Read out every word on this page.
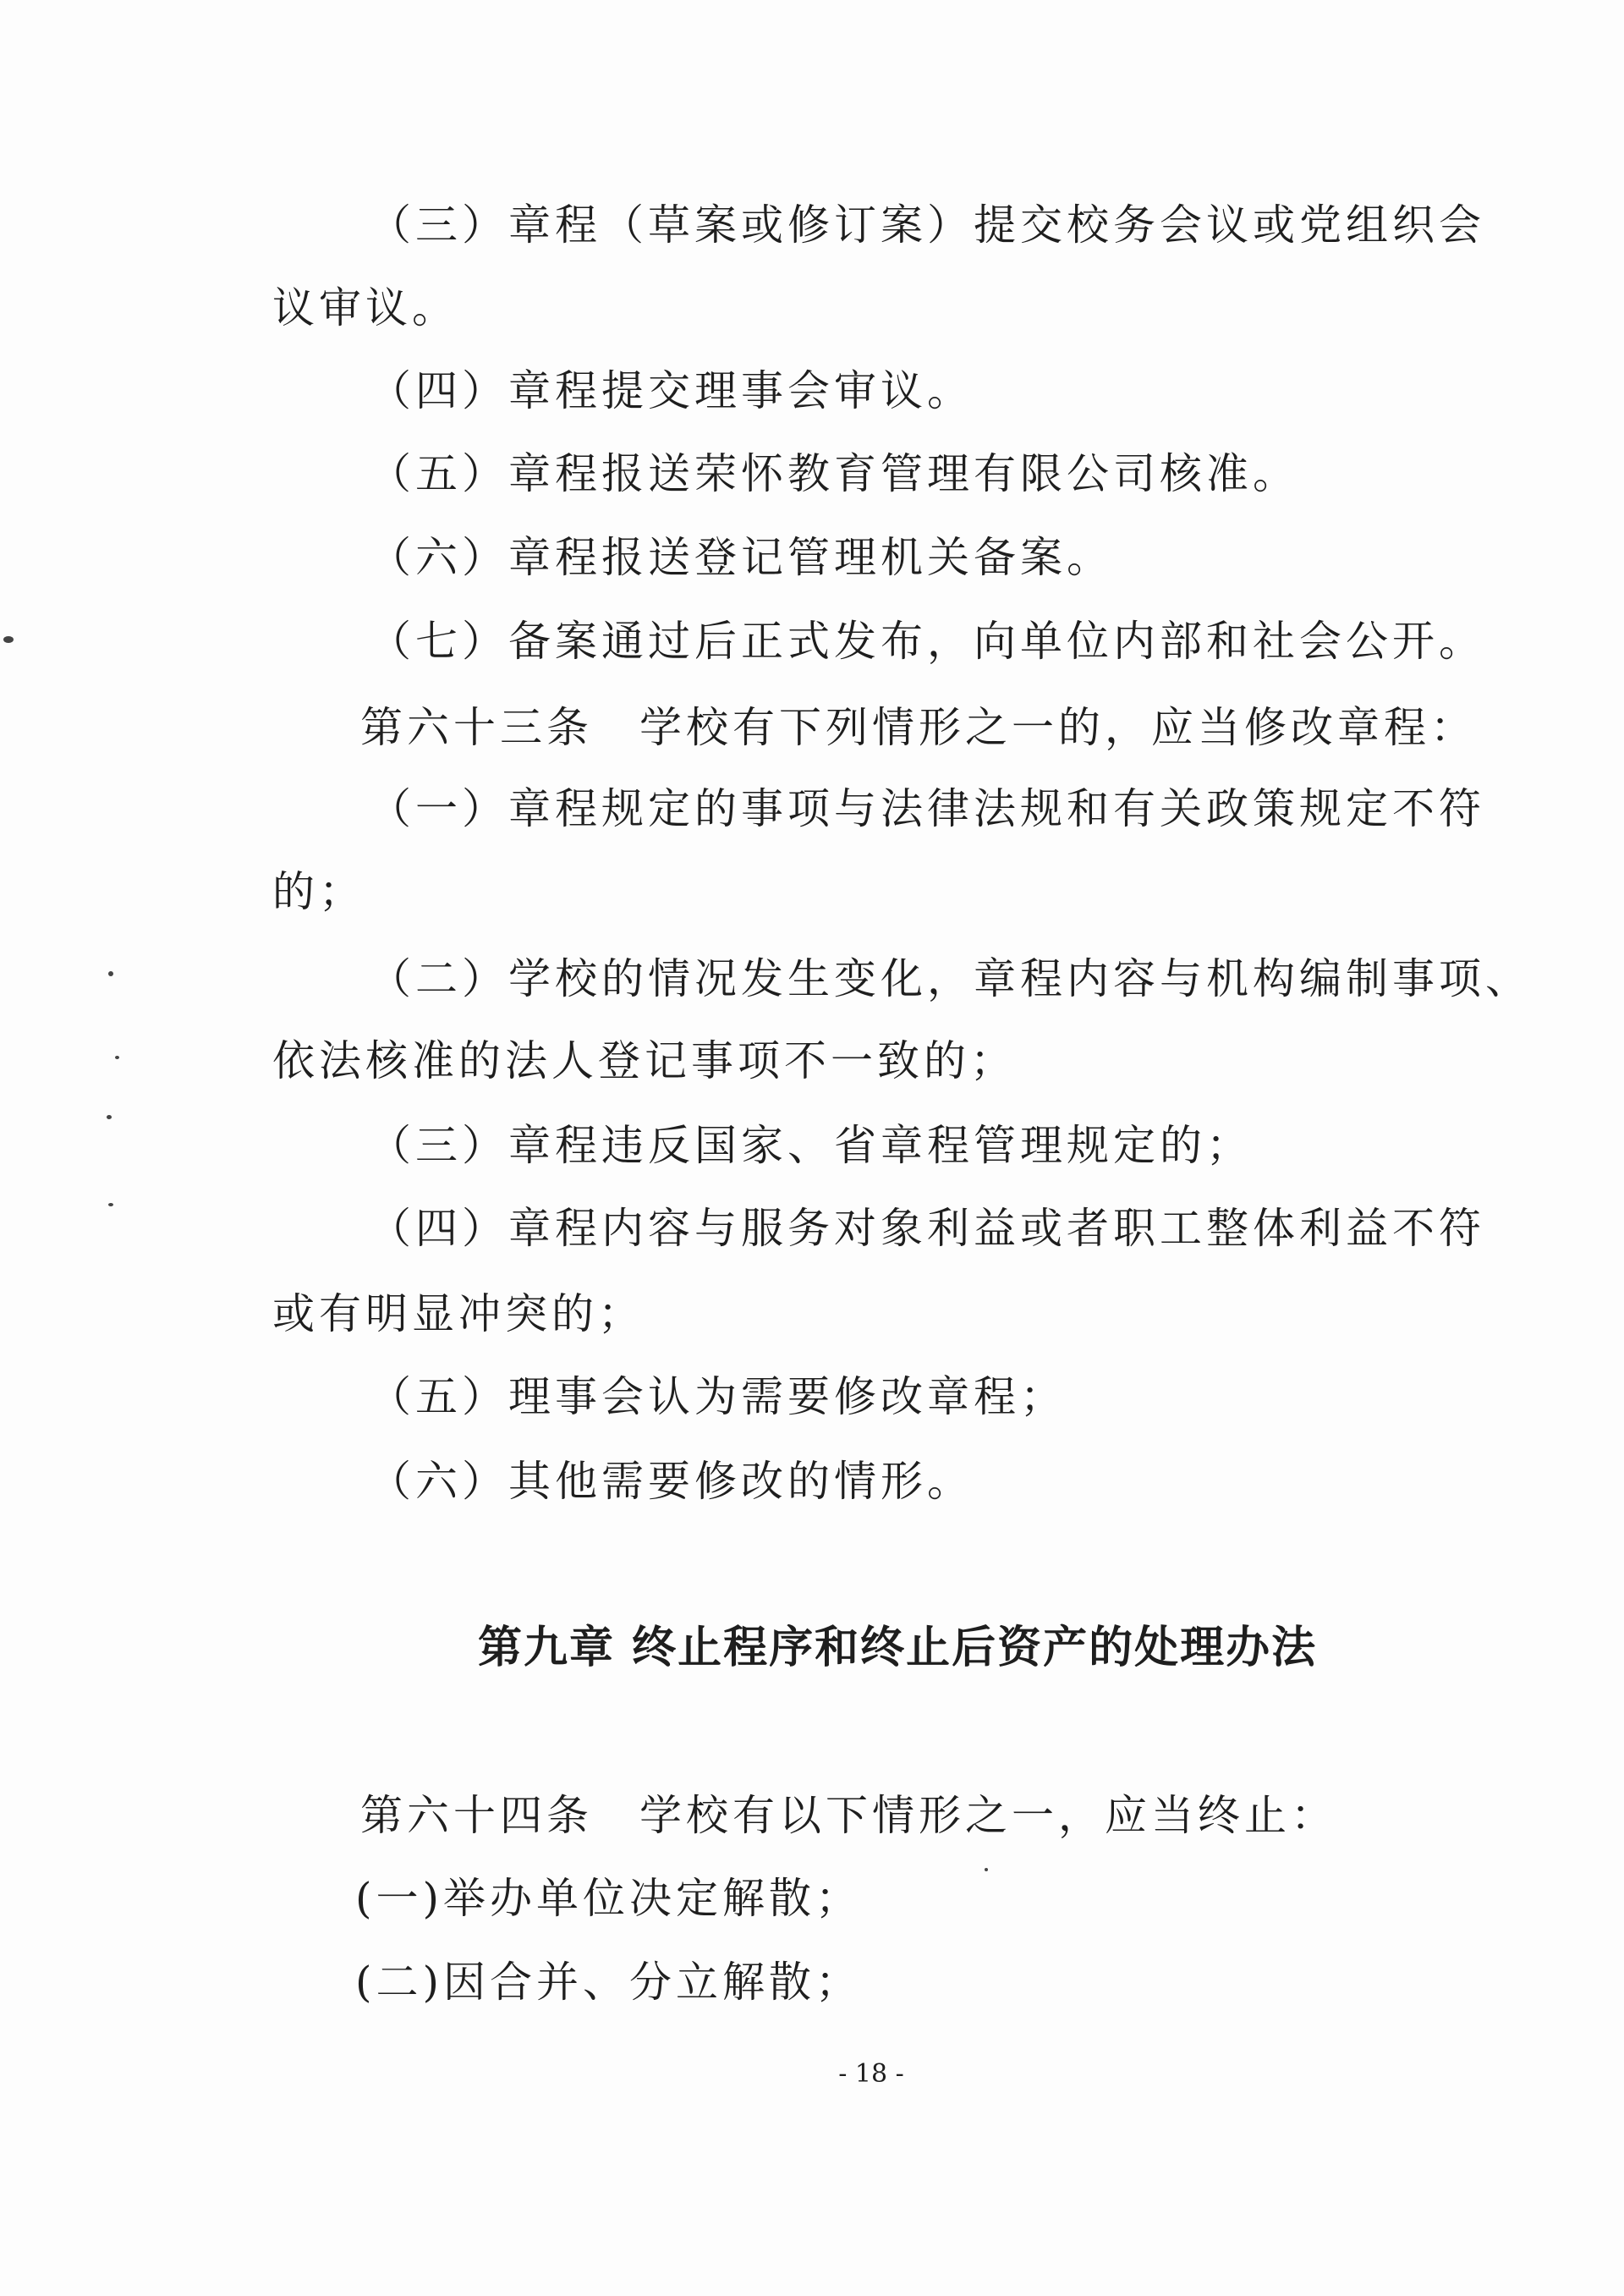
（三）章程（草案或修订案）提交校务会议或党组织会
议审议。
（四）章程提交理事会审议。
（五）章程报送荣怀教育管理有限公司核准。
（六）章程报送登记管理机关备案。
（七）备案通过后正式发布，向单位内部和社会公开。
第六十三条　学校有下列情形之一的，应当修改章程：
（一）章程规定的事项与法律法规和有关政策规定不符
的；
（二）学校的情况发生变化，章程内容与机构编制事项、
依法核准的法人登记事项不一致的；
（三）章程违反国家、省章程管理规定的；
（四）章程内容与服务对象利益或者职工整体利益不符
或有明显冲突的；
（五）理事会认为需要修改章程；
（六）其他需要修改的情形。
第九章 终止程序和终止后资产的处理办法
第六十四条　学校有以下情形之一，应当终止：
(一)举办单位决定解散；
(二)因合并、分立解散；
- 18 -
